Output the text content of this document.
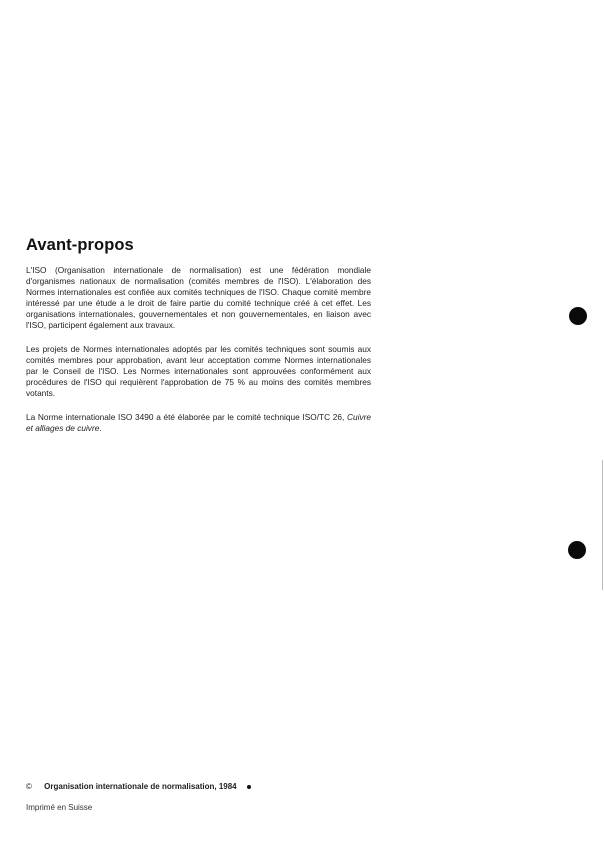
Avant-propos

L'ISO (Organisation internationale de normalisation) est une fédération mondiale d'organismes nationaux de normalisation (comités membres de l'ISO). L'élaboration des Normes internationales est confiée aux comités techniques de l'ISO. Chaque comité membre intéressé par une étude a le droit de faire partie du comité technique créé à cet effet. Les organisations internationales, gouvernementales et non gouvernementales, en liaison avec l'ISO, participent également aux travaux.

Les projets de Normes internationales adoptés par les comités techniques sont soumis aux comités membres pour approbation, avant leur acceptation comme Normes internationales par le Conseil de l'ISO. Les Normes internationales sont approuvées conformément aux procédures de l'ISO qui requièrent l'approbation de 75 % au moins des comités membres votants.

La Norme internationale ISO 3490 a été élaborée par le comité technique ISO/TC 26, Cuivre et alliages de cuivre.

© Organisation internationale de normalisation, 1984
Imprimé en Suisse
